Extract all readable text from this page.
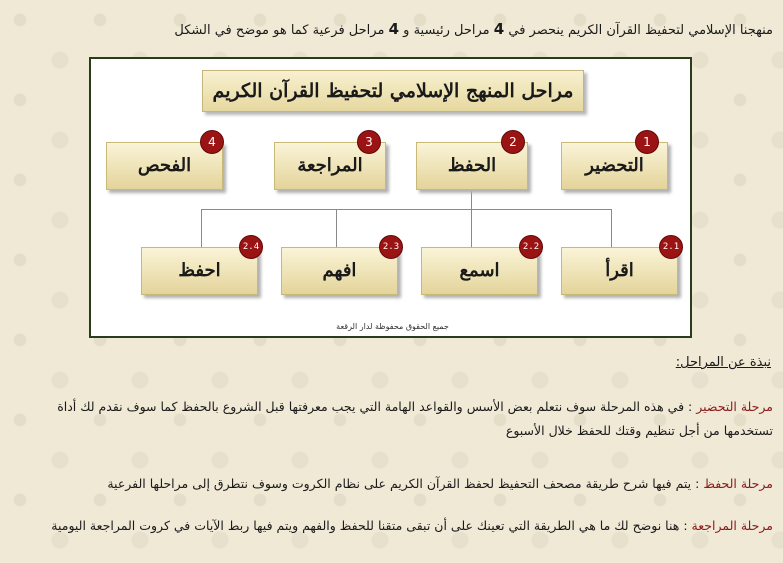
منهجنا الإسلامي لتحفيظ القرآن الكريم ينحصر في 4 مراحل رئيسية و 4 مراحل فرعية كما هو موضح في الشكل
مراحل المنهج الإسلامي لتحفيظ القرآن الكريم
التحضير
1
الحفظ
2
المراجعة
3
الفحص
4
اقرأ
2.1
اسمع
2.2
افهم
2.3
احفظ
2.4
جميع الحقوق محفوظة لدار الرقعة
نبذة عن المراحل:
مرحلة التحضير : في هذه المرحلة سوف نتعلم بعض الأسس والقواعد الهامة التي يجب معرفتها قبل الشروع بالحفظ كما سوف نقدم لك أداة تستخدمها من أجل تنظيم وقتك للحفظ خلال الأسبوع
مرحلة الحفظ : يتم فيها شرح طريقة مصحف التحفيظ لحفظ القرآن الكريم على نظام الكروت وسوف نتطرق إلى مراحلها الفرعية
مرحلة المراجعة : هنا نوضح لك ما هي الطريقة التي تعينك على أن تبقى متقنا للحفظ والفهم ويتم فيها ربط الآيات في كروت المراجعة اليومية
